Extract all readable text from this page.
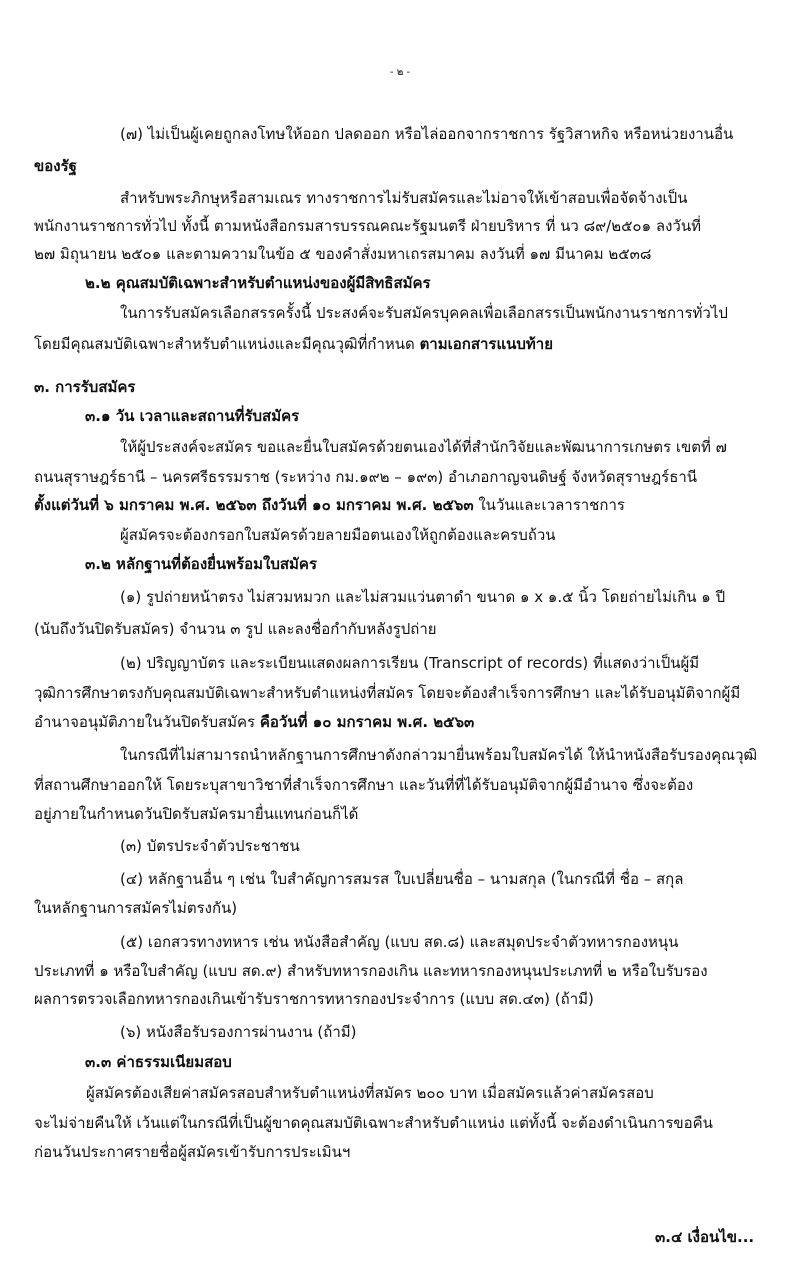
- ๒ -
(๗) ไม่เป็นผู้เคยถูกลงโทษให้ออก ปลดออก หรือไล่ออกจากราชการ รัฐวิสาหกิจ หรือหน่วยงานอื่น
ของรัฐ
สำหรับพระภิกษุหรือสามเณร ทางราชการไม่รับสมัครและไม่อาจให้เข้าสอบเพื่อจัดจ้างเป็น
พนักงานราชการทั่วไป ทั้งนี้ ตามหนังสือกรมสารบรรณคณะรัฐมนตรี ฝ่ายบริหาร ที่ นว ๘๙/๒๕๐๑ ลงวันที่
๒๗ มิถุนายน ๒๕๐๑ และตามความในข้อ ๕ ของคำสั่งมหาเถรสมาคม ลงวันที่ ๑๗ มีนาคม ๒๕๓๘
๒.๒ คุณสมบัติเฉพาะสำหรับตำแหน่งของผู้มีสิทธิสมัคร
ในการรับสมัครเลือกสรรครั้งนี้ ประสงค์จะรับสมัครบุคคลเพื่อเลือกสรรเป็นพนักงานราชการทั่วไป
โดยมีคุณสมบัติเฉพาะสำหรับตำแหน่งและมีคุณวุฒิที่กำหนด ตามเอกสารแนบท้าย
๓. การรับสมัคร
๓.๑ วัน เวลาและสถานที่รับสมัคร
ให้ผู้ประสงค์จะสมัคร ขอและยื่นใบสมัครด้วยตนเองได้ที่สำนักวิจัยและพัฒนาการเกษตร เขตที่ ๗
ถนนสุราษฎร์ธานี – นครศรีธรรมราช (ระหว่าง กม.๑๙๒ – ๑๙๓) อำเภอกาญจนดิษฐ์ จังหวัดสุราษฎร์ธานี
ตั้งแต่วันที่ ๖ มกราคม พ.ศ. ๒๕๖๓ ถึงวันที่ ๑๐ มกราคม พ.ศ. ๒๕๖๓ ในวันและเวลาราชการ
ผู้สมัครจะต้องกรอกใบสมัครด้วยลายมือตนเองให้ถูกต้องและครบถ้วน
๓.๒ หลักฐานที่ต้องยื่นพร้อมใบสมัคร
(๑) รูปถ่ายหน้าตรง ไม่สวมหมวก และไม่สวมแว่นตาดำ ขนาด ๑ x ๑.๕ นิ้ว โดยถ่ายไม่เกิน ๑ ปี
(นับถึงวันปิดรับสมัคร) จำนวน ๓ รูป และลงชื่อกำกับหลังรูปถ่าย
(๒) ปริญญาบัตร และระเบียนแสดงผลการเรียน (Transcript of records) ที่แสดงว่าเป็นผู้มี
วุฒิการศึกษาตรงกับคุณสมบัติเฉพาะสำหรับตำแหน่งที่สมัคร โดยจะต้องสำเร็จการศึกษา และได้รับอนุมัติจากผู้มี
อำนาจอนุมัติภายในวันปิดรับสมัคร คือวันที่ ๑๐ มกราคม พ.ศ. ๒๕๖๓
ในกรณีที่ไม่สามารถนำหลักฐานการศึกษาดังกล่าวมายื่นพร้อมใบสมัครได้ ให้นำหนังสือรับรองคุณวุฒิ
ที่สถานศึกษาออกให้ โดยระบุสาขาวิชาที่สำเร็จการศึกษา และวันที่ที่ได้รับอนุมัติจากผู้มีอำนาจ ซึ่งจะต้อง
อยู่ภายในกำหนดวันปิดรับสมัครมายื่นแทนก่อนก็ได้
(๓) บัตรประจำตัวประชาชน
(๔) หลักฐานอื่น ๆ เช่น ใบสำคัญการสมรส ใบเปลี่ยนชื่อ – นามสกุล (ในกรณีที่ ชื่อ – สกุล
ในหลักฐานการสมัครไม่ตรงกัน)
(๕) เอกสวรทางทหาร เช่น หนังสือสำคัญ (แบบ สด.๘) และสมุดประจำตัวทหารกองหนุน
ประเภทที่ ๑ หรือใบสำคัญ (แบบ สด.๙) สำหรับทหารกองเกิน และทหารกองหนุนประเภทที่ ๒ หรือใบรับรอง
ผลการตรวจเลือกทหารกองเกินเข้ารับราชการทหารกองประจำการ (แบบ สด.๔๓) (ถ้ามี)
(๖) หนังสือรับรองการผ่านงาน (ถ้ามี)
๓.๓ ค่าธรรมเนียมสอบ
ผู้สมัครต้องเสียค่าสมัครสอบสำหรับตำแหน่งที่สมัคร ๒๐๐ บาท เมื่อสมัครแล้วค่าสมัครสอบ
จะไม่จ่ายคืนให้ เว้นแต่ในกรณีที่เป็นผู้ขาดคุณสมบัติเฉพาะสำหรับตำแหน่ง แต่ทั้งนี้ จะต้องดำเนินการขอคืน
ก่อนวันประกาศรายชื่อผู้สมัครเข้ารับการประเมินฯ
๓.๔ เงื่อนไข...
